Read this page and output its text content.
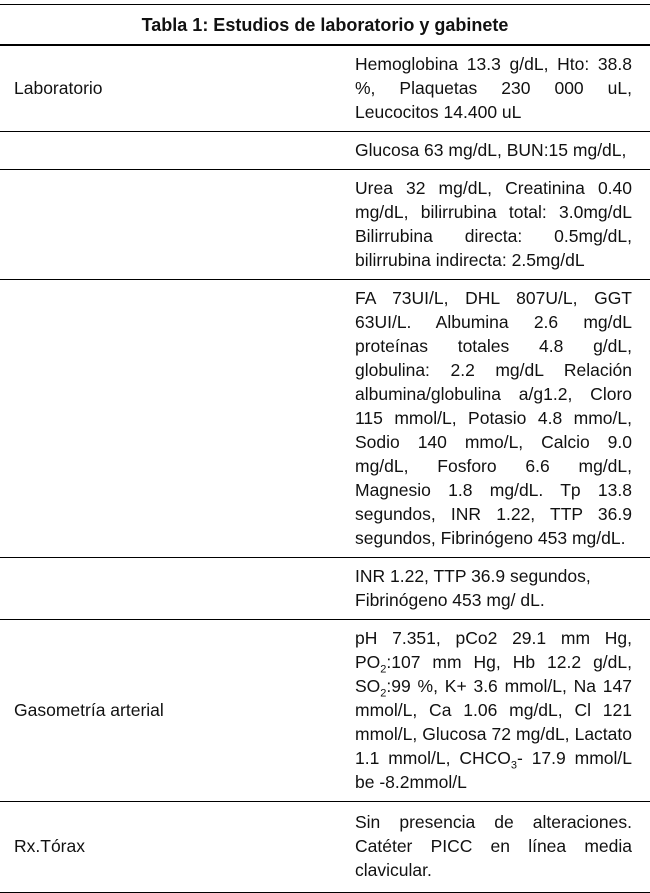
Tabla 1: Estudios de laboratorio y gabinete	
Laboratorio	Hemoglobina 13.3 g/dL, Hto: 38.8 %, Plaquetas 230 000 uL, Leucocitos 14.400 uL
	Glucosa 63 mg/dL, BUN:15 mg/dL,
	Urea 32 mg/dL, Creatinina 0.40 mg/dL, bilirrubina total: 3.0mg/dL Bilirrubina directa: 0.5mg/dL, bilirrubina indirecta: 2.5mg/dL
	FA 73UI/L, DHL 807U/L, GGT 63UI/L. Albumina 2.6 mg/dL proteínas totales 4.8 g/dL, globulina: 2.2 mg/dL Relación albumina/globulina a/g1.2, Cloro 115 mmol/L, Potasio 4.8 mmo/L, Sodio 140 mmo/L, Calcio 9.0 mg/dL, Fosforo 6.6 mg/dL, Magnesio 1.8 mg/dL. Tp 13.8 segundos, INR 1.22, TTP 36.9 segundos, Fibrinógeno 453 mg/dL.
	INR 1.22, TTP 36.9 segundos, Fibrinógeno 453 mg/ dL.
Gasometría arterial	pH 7.351, pCo2 29.1 mm Hg, $PO_2:107$ mm Hg, Hb 12.2 g/dL, $SO_2:99$ %, K+ 3.6 mmol/L, Na 147 mmol/L, Ca 1.06 mg/dL, Cl 121 mmol/L, Glucosa 72 mg/dL, Lactato 1.1 mmol/L, $CHCO_3-$ 17.9 mmol/L be -8.2mmol/L
Rx.Tórax	Sin presencia de alteraciones. Catéter PICC en línea media clavicular.
